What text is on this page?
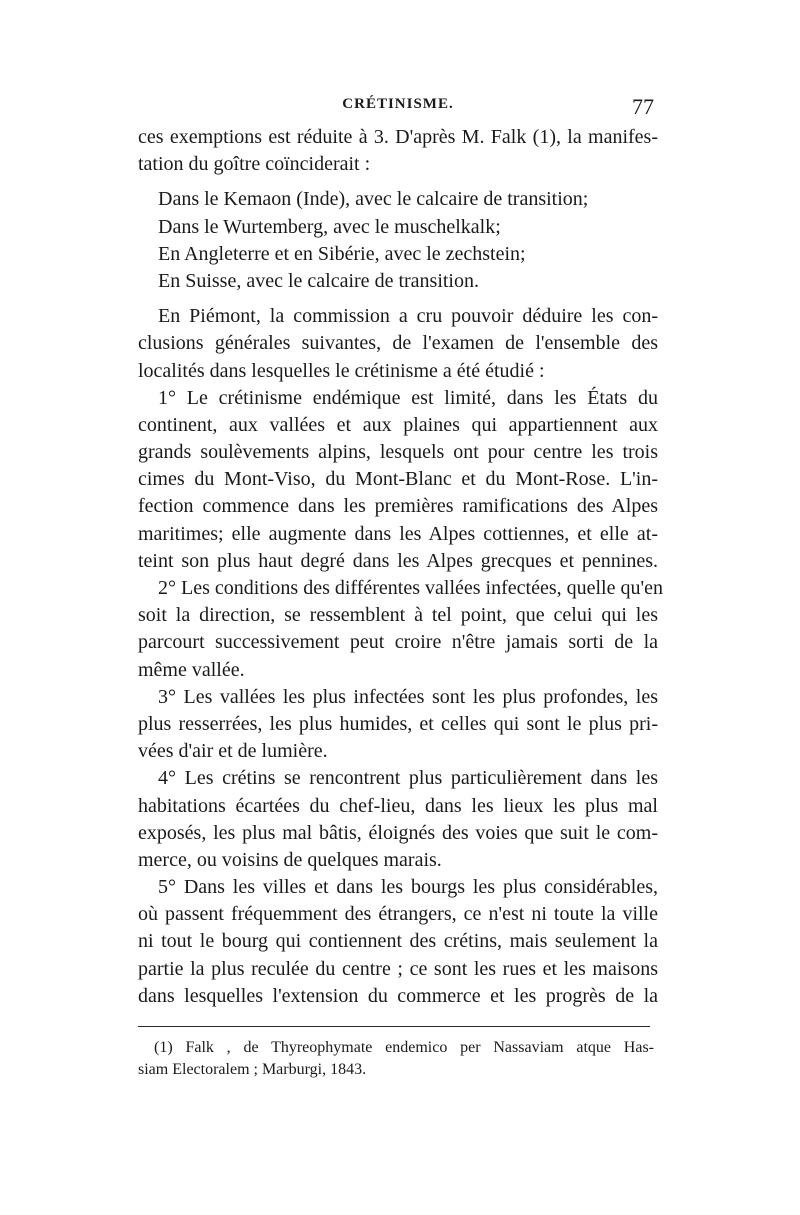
CRÉTINISME.	77
ces exemptions est réduite à 3. D'après M. Falk (1), la manifes-
tation du goître coïnciderait :
Dans le Kemaon (Inde), avec le calcaire de transition;
Dans le Wurtemberg, avec le muschelkalk;
En Angleterre et en Sibérie, avec le zechstein;
En Suisse, avec le calcaire de transition.
En Piémont, la commission a cru pouvoir déduire les con-
clusions générales suivantes, de l'examen de l'ensemble des
localités dans lesquelles le crétinisme a été étudié :
1° Le crétinisme endémique est limité, dans les États du
continent, aux vallées et aux plaines qui appartiennent aux
grands soulèvements alpins, lesquels ont pour centre les trois
cimes du Mont-Viso, du Mont-Blanc et du Mont-Rose. L'in-
fection commence dans les premières ramifications des Alpes
maritimes; elle augmente dans les Alpes cottiennes, et elle at-
teint son plus haut degré dans les Alpes grecques et pennines.
2° Les conditions des différentes vallées infectées, quelle qu'en
soit la direction, se ressemblent à tel point, que celui qui les
parcourt successivement peut croire n'être jamais sorti de la
même vallée.
3° Les vallées les plus infectées sont les plus profondes, les
plus resserrées, les plus humides, et celles qui sont le plus pri-
vées d'air et de lumière.
4° Les crétins se rencontrent plus particulièrement dans les
habitations écartées du chef-lieu, dans les lieux les plus mal
exposés, les plus mal bâtis, éloignés des voies que suit le com-
merce, ou voisins de quelques marais.
5° Dans les villes et dans les bourgs les plus considérables,
où passent fréquemment des étrangers, ce n'est ni toute la ville
ni tout le bourg qui contiennent des crétins, mais seulement la
partie la plus reculée du centre ; ce sont les rues et les maisons
dans lesquelles l'extension du commerce et les progrès de la
(1) Falk , de Thyreophymate endemico per Nassaviam atque Has-
siam Electoralem ; Marburgi, 1843.
